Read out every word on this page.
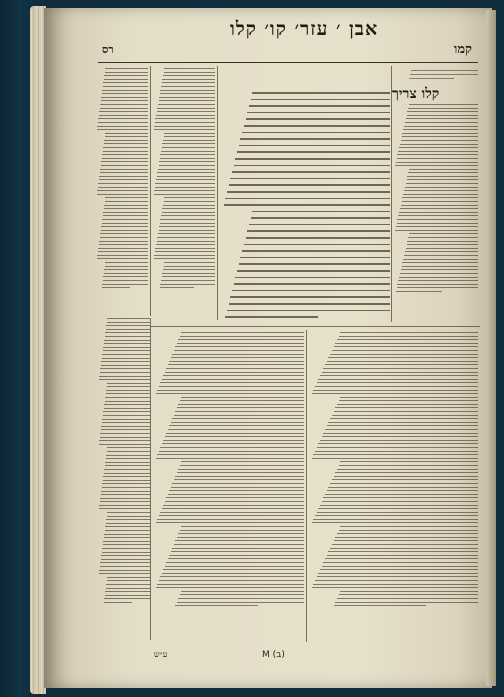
אבן ׳ עזר׳ קו׳ קלו
רס	קמו
קלו צריך
ע״ש	M (ב)
